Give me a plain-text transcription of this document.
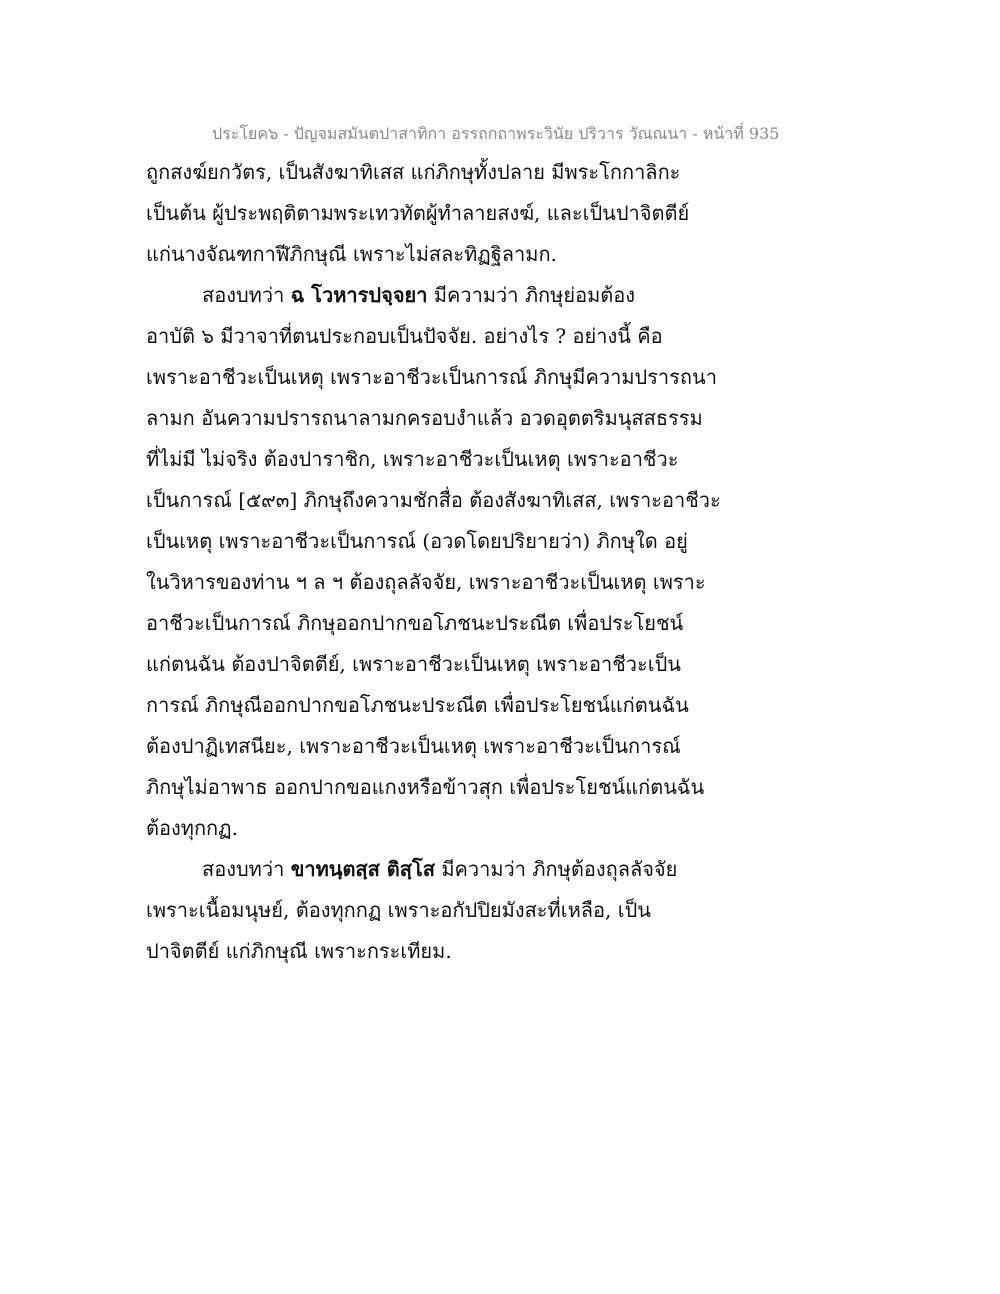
ประโยค๖ - ปัญจมสมันตปาสาทิกา อรรถกถาพระวินัย ปริวาร วัณณนา - หน้าที่ 935
ถูกสงฆ์ยกวัตร, เป็นสังฆาทิเสส แก่ภิกษุทั้งปลาย มีพระโกกาลิกะ
เป็นต้น ผู้ประพฤติตามพระเทวทัตผู้ทำลายสงฆ์, และเป็นปาจิตตีย์
แก่นางจัณฑกาฬีภิกษุณี เพราะไม่สละทิฏฐิลามก.
สองบทว่า ฉ โวหารปจฺจยา มีความว่า ภิกษุย่อมต้อง
อาบัติ ๖ มีวาจาที่ตนประกอบเป็นปัจจัย. อย่างไร ? อย่างนี้ คือ
เพราะอาชีวะเป็นเหตุ เพราะอาชีวะเป็นการณ์ ภิกษุมีความปรารถนา
ลามก อันความปรารถนาลามกครอบงำแล้ว อวดอุตตริมนุสสธรรม
ที่ไม่มี ไม่จริง ต้องปาราชิก, เพราะอาชีวะเป็นเหตุ เพราะอาชีวะ
เป็นการณ์ [๕๙๓] ภิกษุถึงความชักสื่อ ต้องสังฆาทิเสส, เพราะอาชีวะ
เป็นเหตุ เพราะอาชีวะเป็นการณ์ (อวดโดยปริยายว่า) ภิกษุใด อยู่
ในวิหารของท่าน ฯ ล ฯ ต้องถุลลัจจัย, เพราะอาชีวะเป็นเหตุ เพราะ
อาชีวะเป็นการณ์ ภิกษุออกปากขอโภชนะประณีต เพื่อประโยชน์
แก่ตนฉัน ต้องปาจิตตีย์, เพราะอาชีวะเป็นเหตุ เพราะอาชีวะเป็น
การณ์ ภิกษุณีออกปากขอโภชนะประณีต เพื่อประโยชน์แก่ตนฉัน
ต้องปาฏิเทสนียะ, เพราะอาชีวะเป็นเหตุ เพราะอาชีวะเป็นการณ์
ภิกษุไม่อาพาธ ออกปากขอแกงหรือข้าวสุก เพื่อประโยชน์แก่ตนฉัน
ต้องทุกกฏ.
สองบทว่า ขาทนฺตสฺส ติสฺโส มีความว่า ภิกษุต้องถุลลัจจัย
เพราะเนื้อมนุษย์, ต้องทุกกฏ เพราะอกัปปิยมังสะที่เหลือ, เป็น
ปาจิตตีย์ แก่ภิกษุณี เพราะกระเทียม.
